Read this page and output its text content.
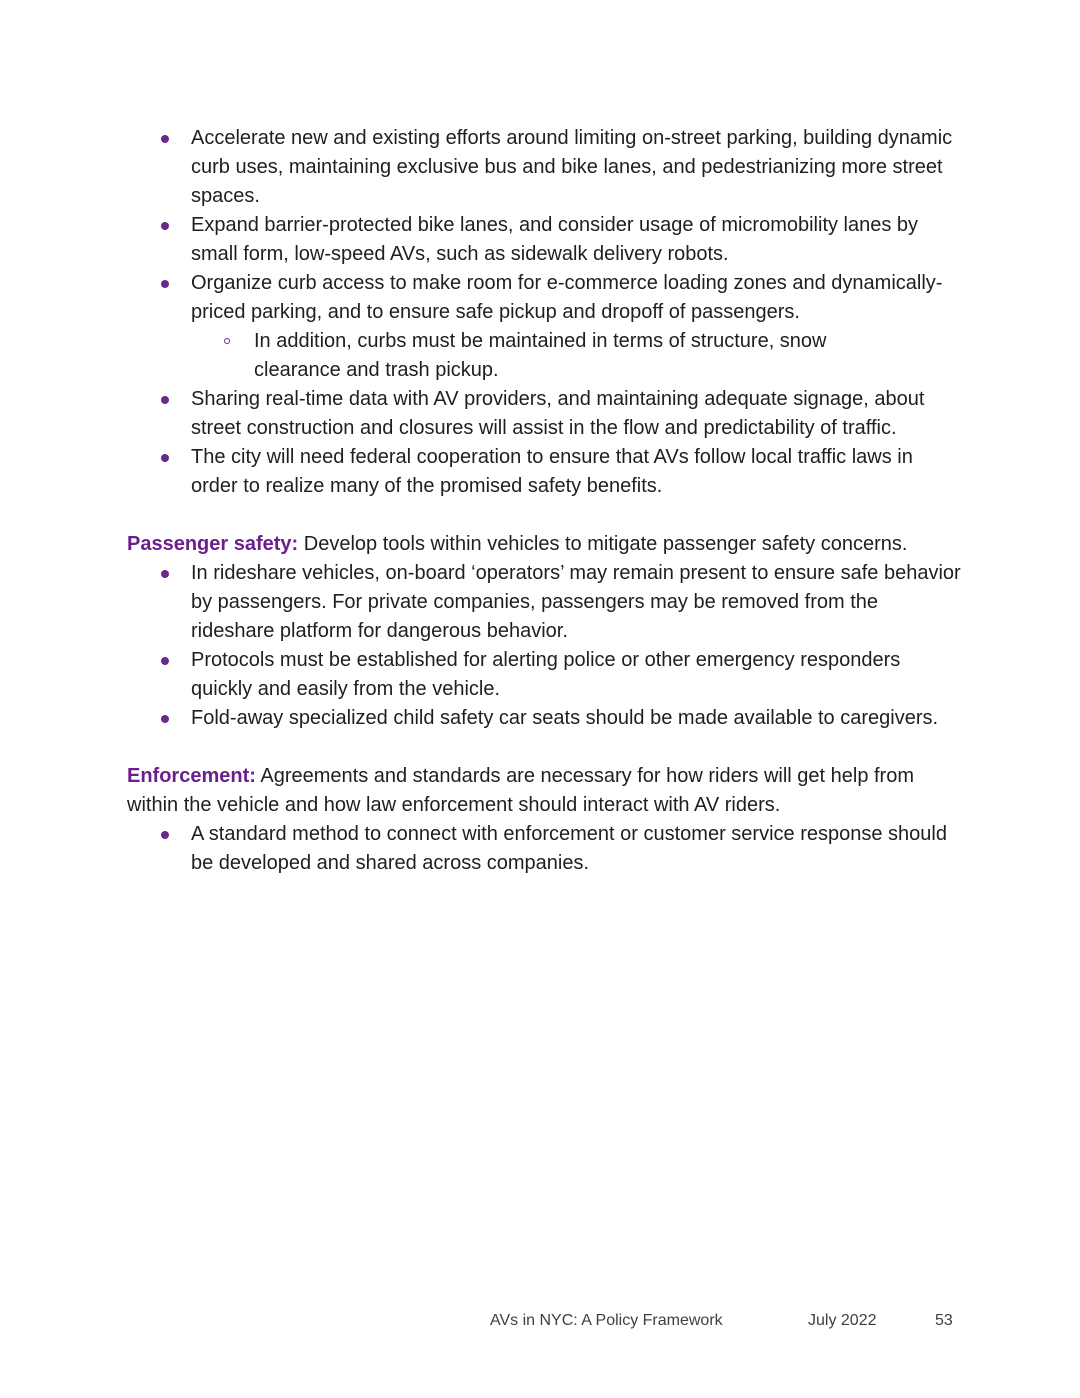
Accelerate new and existing efforts around limiting on-street parking, building dynamic curb uses, maintaining exclusive bus and bike lanes, and pedestrianizing more street spaces.
Expand barrier-protected bike lanes, and consider usage of micromobility lanes by small form, low-speed AVs, such as sidewalk delivery robots.
Organize curb access to make room for e-commerce loading zones and dynamically-priced parking, and to ensure safe pickup and dropoff of passengers.
In addition, curbs must be maintained in terms of structure, snow clearance and trash pickup.
Sharing real-time data with AV providers, and maintaining adequate signage, about street construction and closures will assist in the flow and predictability of traffic.
The city will need federal cooperation to ensure that AVs follow local traffic laws in order to realize many of the promised safety benefits.

Passenger safety: Develop tools within vehicles to mitigate passenger safety concerns.

In rideshare vehicles, on-board ‘operators’ may remain present to ensure safe behavior by passengers. For private companies, passengers may be removed from the rideshare platform for dangerous behavior.
Protocols must be established for alerting police or other emergency responders quickly and easily from the vehicle.
Fold-away specialized child safety car seats should be made available to caregivers.

Enforcement: Agreements and standards are necessary for how riders will get help from within the vehicle and how law enforcement should interact with AV riders.

A standard method to connect with enforcement or customer service response should be developed and shared across companies.
AVs in NYC: A Policy Framework	July 2022	53
